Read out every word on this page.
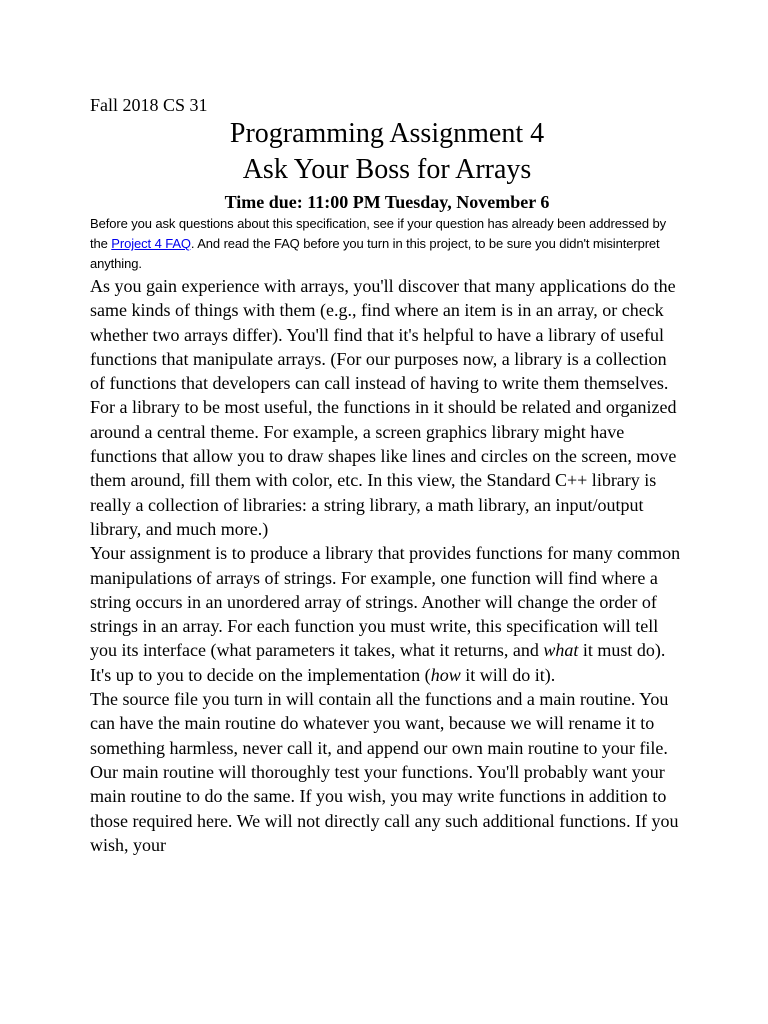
Fall 2018 CS 31

Programming Assignment 4
Ask Your Boss for Arrays

Time due: 11:00 PM Tuesday, November 6

Before you ask questions about this specification, see if your question has already been addressed by the Project 4 FAQ. And read the FAQ before you turn in this project, to be sure you didn't misinterpret anything.

As you gain experience with arrays, you'll discover that many applications do the same kinds of things with them (e.g., find where an item is in an array, or check whether two arrays differ). You'll find that it's helpful to have a library of useful functions that manipulate arrays. (For our purposes now, a library is a collection of functions that developers can call instead of having to write them themselves. For a library to be most useful, the functions in it should be related and organized around a central theme. For example, a screen graphics library might have functions that allow you to draw shapes like lines and circles on the screen, move them around, fill them with color, etc. In this view, the Standard C++ library is really a collection of libraries: a string library, a math library, an input/output library, and much more.)

Your assignment is to produce a library that provides functions for many common manipulations of arrays of strings. For example, one function will find where a string occurs in an unordered array of strings. Another will change the order of strings in an array. For each function you must write, this specification will tell you its interface (what parameters it takes, what it returns, and what it must do). It's up to you to decide on the implementation (how it will do it).

The source file you turn in will contain all the functions and a main routine. You can have the main routine do whatever you want, because we will rename it to something harmless, never call it, and append our own main routine to your file. Our main routine will thoroughly test your functions. You'll probably want your main routine to do the same. If you wish, you may write functions in addition to those required here. We will not directly call any such additional functions. If you wish, your
